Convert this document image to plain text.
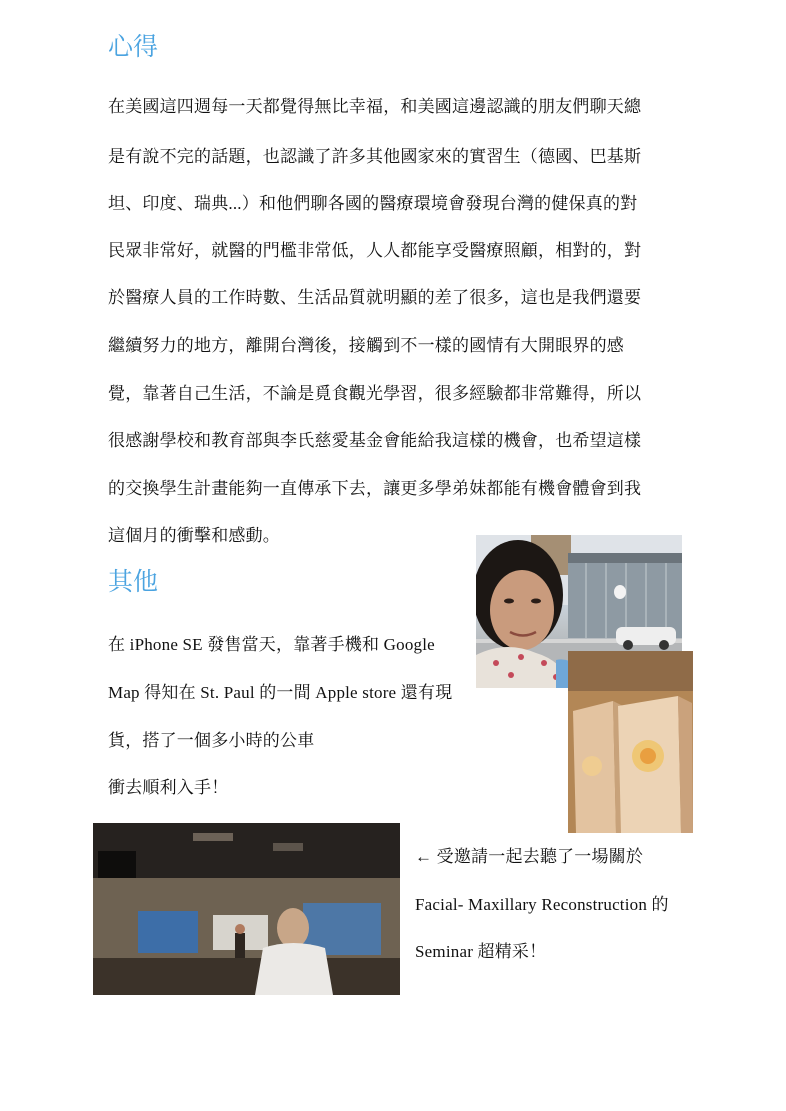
心得
在美國這四週每一天都覺得無比幸福，和美國這邊認識的朋友們聊天總
是有說不完的話題，也認識了許多其他國家來的實習生（德國、巴基斯
坦、印度、瑞典...）和他們聊各國的醫療環境會發現台灣的健保真的對
民眾非常好，就醫的門檻非常低，人人都能享受醫療照顧，相對的，對
於醫療人員的工作時數、生活品質就明顯的差了很多，這也是我們還要
繼續努力的地方，離開台灣後，接觸到不一樣的國情有大開眼界的感
覺，靠著自己生活，不論是覓食觀光學習，很多經驗都非常難得，所以
很感謝學校和教育部與李氏慈愛基金會能給我這樣的機會，也希望這樣
的交換學生計畫能夠一直傳承下去，讓更多學弟妹都能有機會體會到我
這個月的衝擊和感動。
其他
在 iPhone SE 發售當天，靠著手機和 Google
Map 得知在 St. Paul 的一間 Apple store 還有現
貨，搭了一個多小時的公車
衝去順利入手！
← 受邀請一起去聽了一場關於
Facial- Maxillary Reconstruction 的
Seminar 超精采！
